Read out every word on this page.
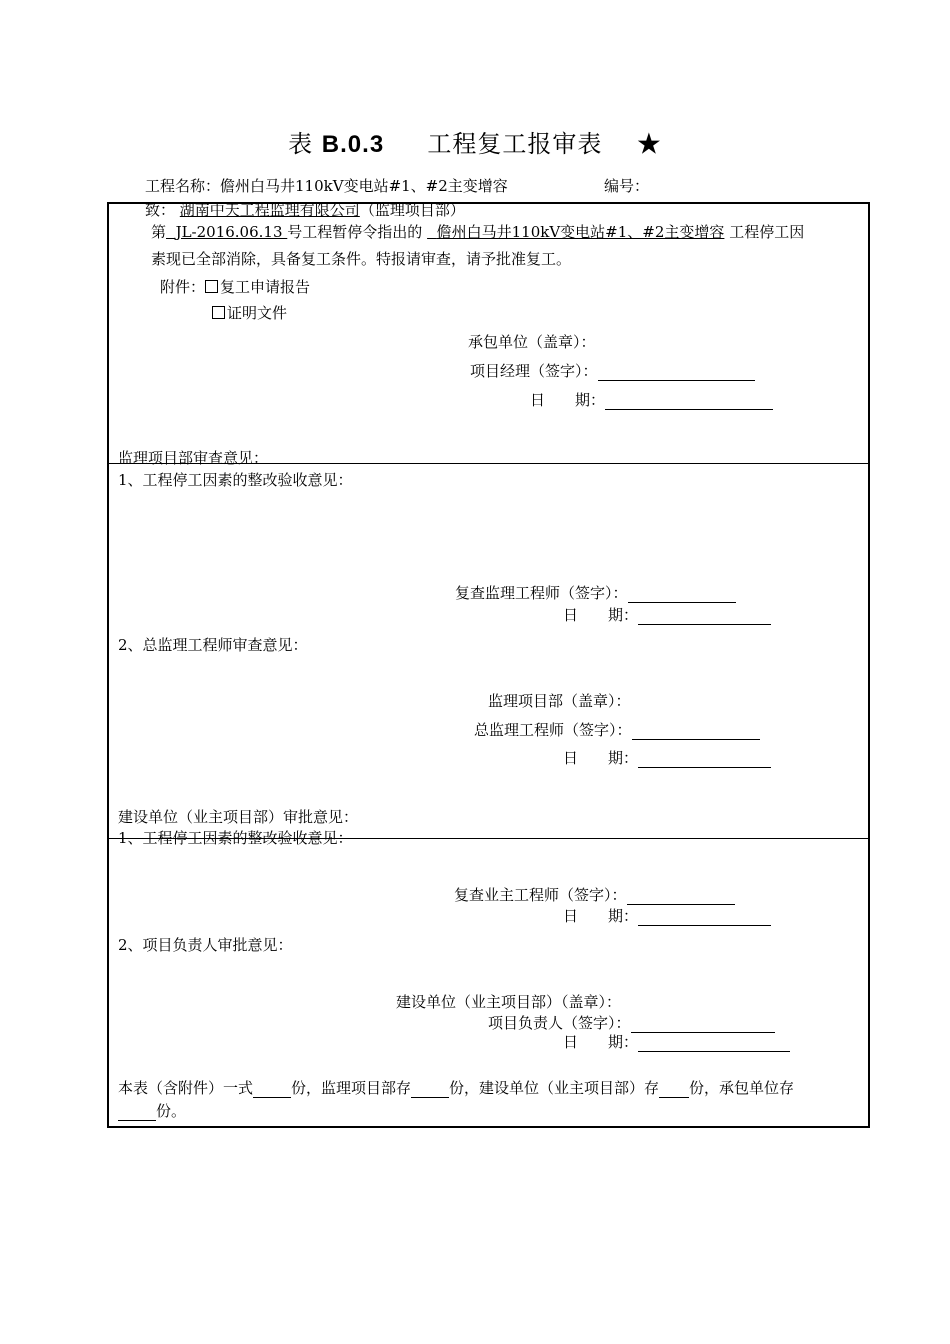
表 B.0.3 工程复工报审表 ★
工程名称：儋州白马井110kV变电站#1、#2主变增容	编号：
致： 湖南中天工程监理有限公司（监理项目部）
第 JL-2016.06.13 号工程暂停令指出的 儋州白马井110kV变电站#1、#2主变增容 工程停工因
素现已全部消除，具备复工条件。特报请审查，请予批准复工。
附件： 复工申请报告
证明文件
承包单位（盖章）：
项目经理（签字）：
日　　期：
监理项目部审查意见：
1、工程停工因素的整改验收意见：
复查监理工程师（签字）：
日　　期：
2、总监理工程师审查意见：
监理项目部（盖章）：
总监理工程师（签字）：
日　　期：
建设单位（业主项目部）审批意见：
1、工程停工因素的整改验收意见：
复查业主工程师（签字）：
日　　期：
2、项目负责人审批意见：
建设单位（业主项目部）（盖章）：
项目负责人（签字）：
日　　期：
本表（含附件）一式	份，监理项目部存	份，建设单位（业主项目部）存 份，承包单位存
份。
